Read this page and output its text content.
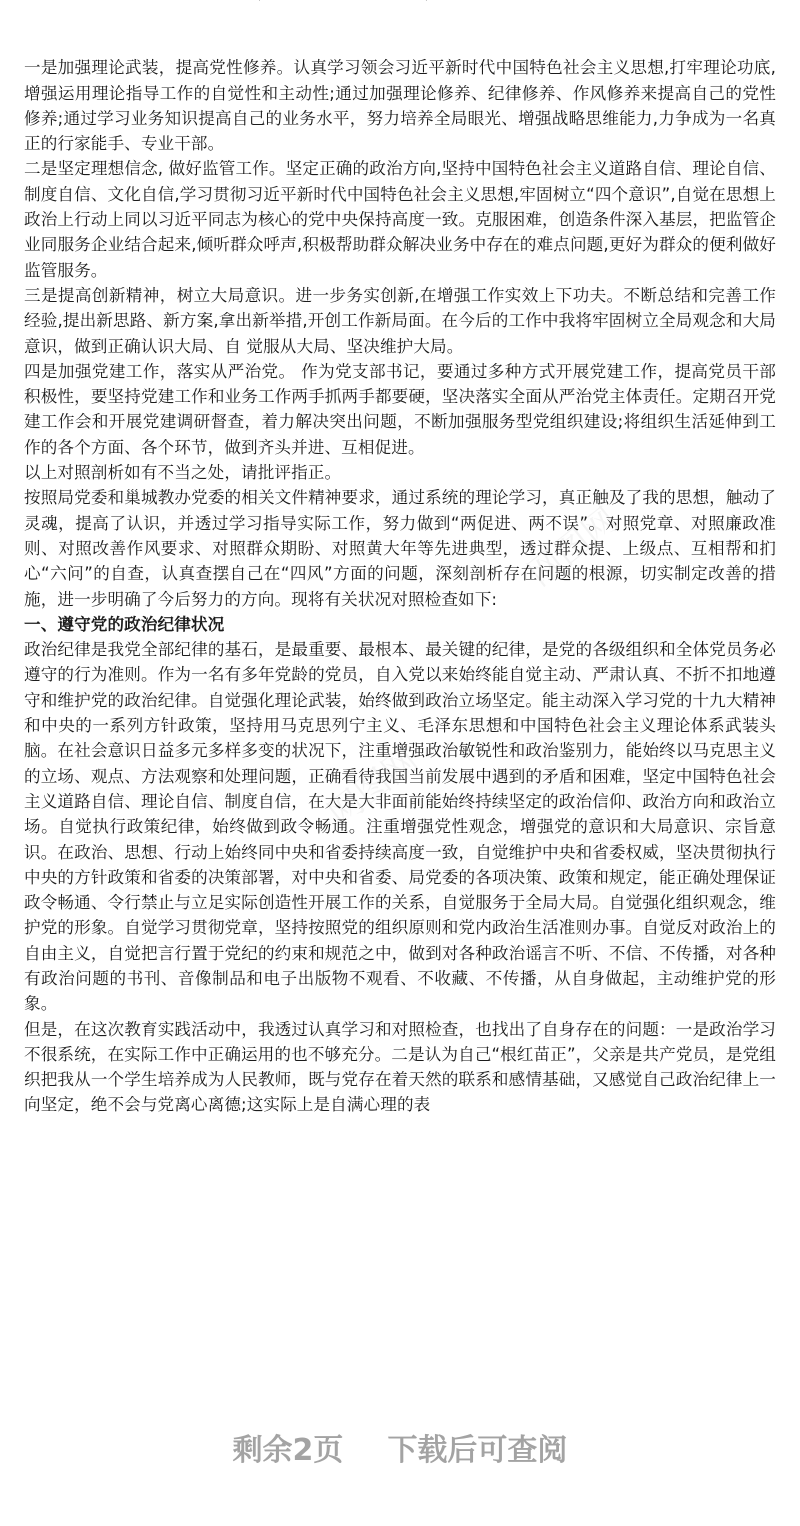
网图网
网图网

一是加强理论武装，提高党性修养。认真学习领会习近平新时代中国特色社会主义思想,打牢理论功底,增强运用理论指导工作的自觉性和主动性;通过加强理论修养、纪律修养、作风修养来提高自己的党性修养;通过学习业务知识提高自己的业务水平，努力培养全局眼光、增强战略思维能力,力争成为一名真正的行家能手、专业干部。

二是坚定理想信念, 做好监管工作。坚定正确的政治方向,坚持中国特色社会主义道路自信、理论自信、制度自信、文化自信,学习贯彻习近平新时代中国特色社会主义思想,牢固树立“四个意识”,自觉在思想上政治上行动上同以习近平同志为核心的党中央保持高度一致。克服困难，创造条件深入基层，把监管企业同服务企业结合起来,倾听群众呼声,积极帮助群众解决业务中存在的难点问题,更好为群众的便利做好监管服务。

三是提高创新精神，树立大局意识。进一步务实创新,在增强工作实效上下功夫。不断总结和完善工作经验,提出新思路、新方案,拿出新举措,开创工作新局面。在今后的工作中我将牢固树立全局观念和大局意识，做到正确认识大局、自 觉服从大局、坚决维护大局。

四是加强党建工作，落实从严治党。 作为党支部书记，要通过多种方式开展党建工作，提高党员干部积极性，要坚持党建工作和业务工作两手抓两手都要硬，坚决落实全面从严治党主体责任。定期召开党建工作会和开展党建调研督查，着力解决突出问题，不断加强服务型党组织建设;将组织生活延伸到工作的各个方面、各个环节，做到齐头并进、互相促进。

以上对照剖析如有不当之处，请批评指正。

按照局党委和巢城教办党委的相关文件精神要求，通过系统的理论学习，真正触及了我的思想，触动了灵魂，提高了认识，并透过学习指导实际工作，努力做到“两促进、两不误”。对照党章、对照廉政准则、对照改善作风要求、对照群众期盼、对照黄大年等先进典型，透过群众提、上级点、互相帮和扪心“六问”的自查，认真查摆自己在“四风”方面的问题，深刻剖析存在问题的根源，切实制定改善的措施，进一步明确了今后努力的方向。现将有关状况对照检查如下:

一、遵守党的政治纪律状况

政治纪律是我党全部纪律的基石，是最重要、最根本、最关键的纪律，是党的各级组织和全体党员务必遵守的行为准则。作为一名有多年党龄的党员，自入党以来始终能自觉主动、严肃认真、不折不扣地遵守和维护党的政治纪律。自觉强化理论武装，始终做到政治立场坚定。能主动深入学习党的十九大精神和中央的一系列方针政策，坚持用马克思列宁主义、毛泽东思想和中国特色社会主义理论体系武装头脑。在社会意识日益多元多样多变的状况下，注重增强政治敏锐性和政治鉴别力，能始终以马克思主义的立场、观点、方法观察和处理问题，正确看待我国当前发展中遇到的矛盾和困难，坚定中国特色社会主义道路自信、理论自信、制度自信，在大是大非面前能始终持续坚定的政治信仰、政治方向和政治立场。自觉执行政策纪律，始终做到政令畅通。注重增强党性观念，增强党的意识和大局意识、宗旨意识。在政治、思想、行动上始终同中央和省委持续高度一致，自觉维护中央和省委权威，坚决贯彻执行中央的方针政策和省委的决策部署，对中央和省委、局党委的各项决策、政策和规定，能正确处理保证政令畅通、令行禁止与立足实际创造性开展工作的关系，自觉服务于全局大局。自觉强化组织观念，维护党的形象。自觉学习贯彻党章，坚持按照党的组织原则和党内政治生活准则办事。自觉反对政治上的自由主义，自觉把言行置于党纪的约束和规范之中，做到对各种政治谣言不听、不信、不传播，对各种有政治问题的书刊、音像制品和电子出版物不观看、不收藏、不传播，从自身做起，主动维护党的形象。

但是，在这次教育实践活动中，我透过认真学习和对照检查，也找出了自身存在的问题：一是政治学习不很系统，在实际工作中正确运用的也不够充分。二是认为自己“根红苗正”，父亲是共产党员，是党组织把我从一个学生培养成为人民教师，既与党存在着天然的联系和感情基础，又感觉自己政治纪律上一向坚定，绝不会与党离心离德;这实际上是自满心理的表

剩余2页 下载后可查阅
